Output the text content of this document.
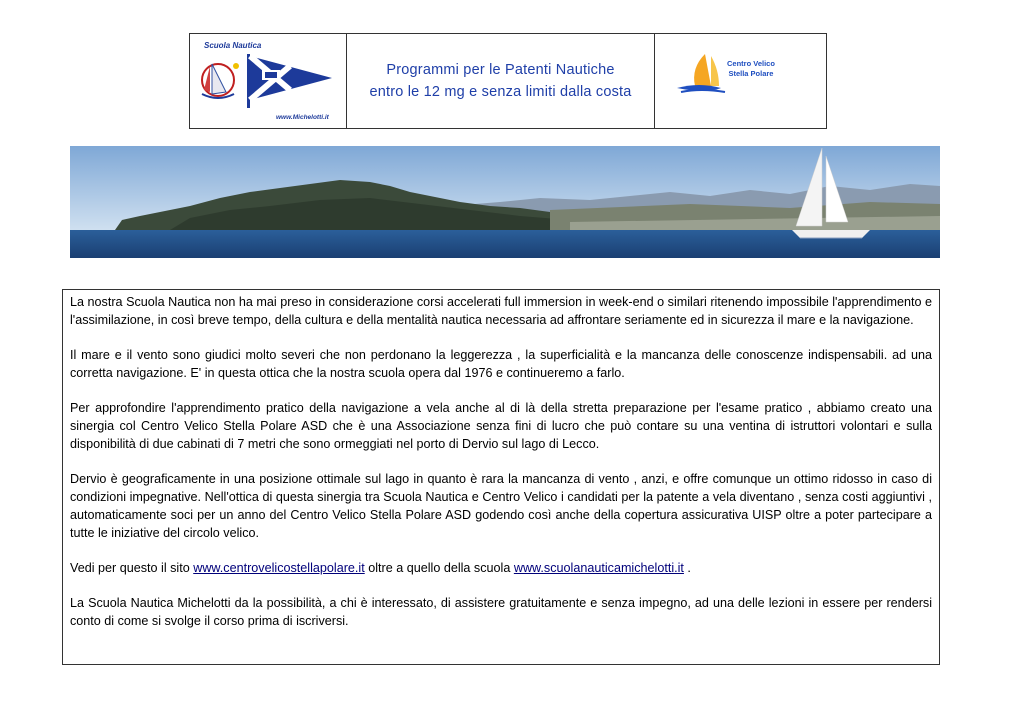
Scuola Nautica
www.Michelotti.it
Programmi per le Patenti Nautiche
entro le 12 mg e senza limiti dalla costa
Centro Velico
Stella Polare

La nostra Scuola Nautica non ha mai preso in considerazione corsi accelerati full immersion in week-end o similari ritenendo impossibile l'apprendimento e l'assimilazione, in così breve tempo, della cultura e della mentalità nautica necessaria ad affrontare seriamente ed in sicurezza il mare e la navigazione.

Il mare e il vento sono giudici molto severi che non perdonano la leggerezza , la superficialità e la mancanza delle conoscenze indispensabili. ad una corretta navigazione. E' in questa ottica che la nostra scuola opera dal 1976 e continueremo a farlo.

Per approfondire l'apprendimento pratico della navigazione a vela anche al di là della stretta preparazione per l'esame pratico , abbiamo creato una sinergia col Centro Velico Stella Polare ASD che è una Associazione senza fini di lucro che può contare su una ventina di istruttori volontari e sulla disponibilità di due cabinati di 7 metri che sono ormeggiati nel porto di Dervio sul lago di Lecco.

Dervio è geograficamente in una posizione ottimale sul lago in quanto è rara la mancanza di vento , anzi, e offre comunque un ottimo ridosso in caso di condizioni impegnative. Nell'ottica di questa sinergia tra Scuola Nautica e Centro Velico i candidati per la patente a vela diventano , senza costi aggiuntivi , automaticamente soci per un anno del Centro Velico Stella Polare ASD godendo così anche della copertura assicurativa UISP oltre a poter partecipare a tutte le iniziative del circolo velico.

Vedi per questo il sito www.centrovelicostellapolare.it oltre a quello della scuola www.scuolanauticamichelotti.it .

La Scuola Nautica Michelotti da la possibilità, a chi è interessato, di assistere gratuitamente e senza impegno, ad una delle lezioni in essere per rendersi conto di come si svolge il corso prima di iscriversi.
